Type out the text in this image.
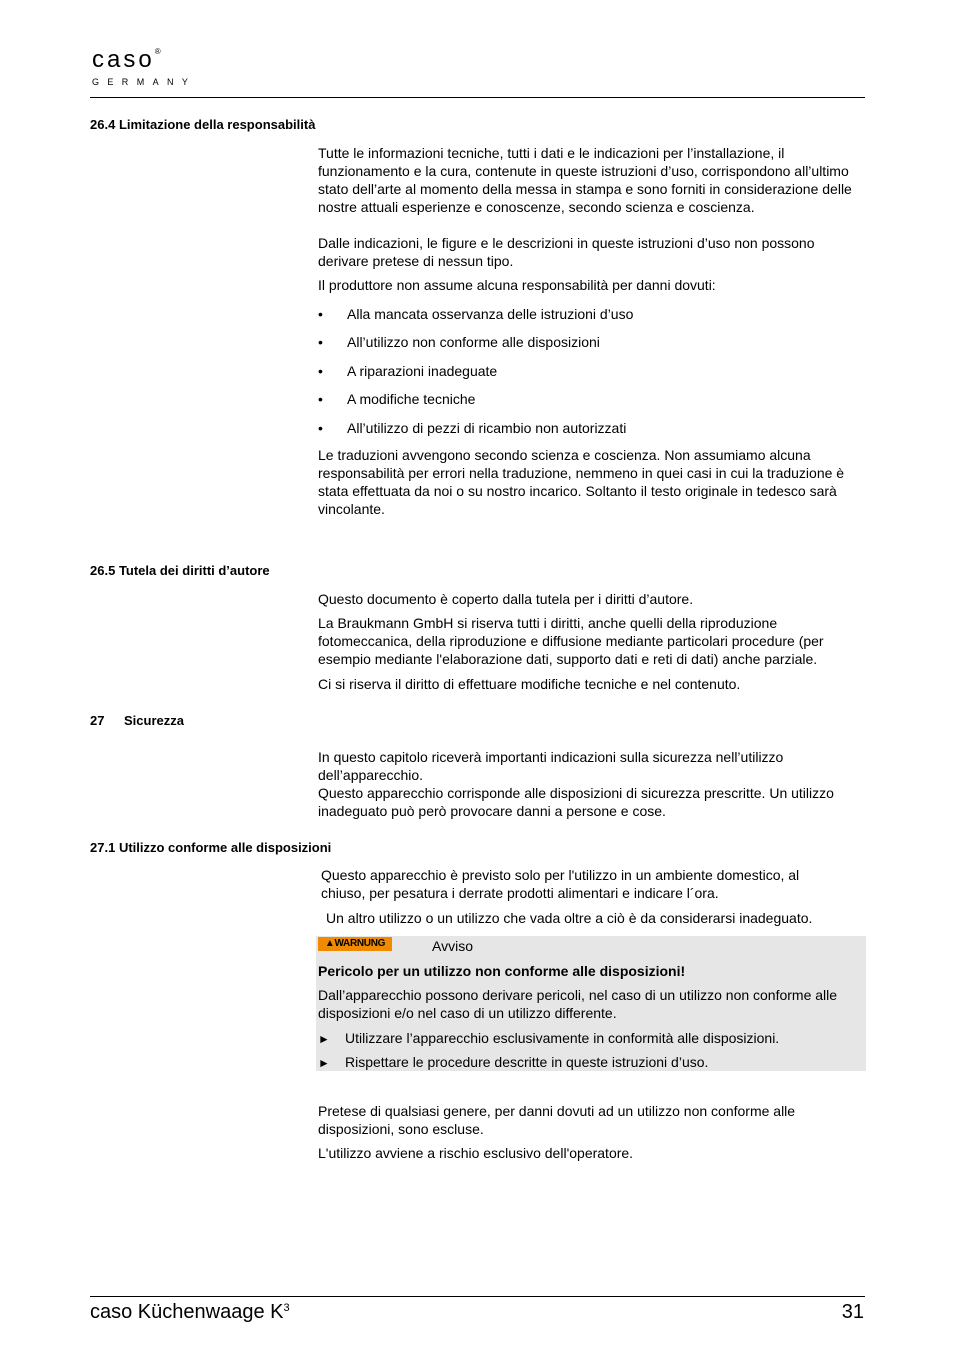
caso®
GERMANY
26.4 Limitazione della responsabilità
Tutte le informazioni tecniche, tutti i dati e le indicazioni per l’installazione, il funzionamento e la cura, contenute in queste istruzioni d’uso, corrispondono all’ultimo stato dell’arte al momento della messa in stampa e sono forniti in considerazione delle nostre attuali esperienze e conoscenze, secondo scienza e coscienza.
Dalle indicazioni, le figure e le descrizioni in queste istruzioni d’uso non possono derivare pretese di nessun tipo.
Il produttore non assume alcuna responsabilità per danni dovuti:
• Alla mancata osservanza delle istruzioni d’uso
• All’utilizzo non conforme alle disposizioni
• A riparazioni inadeguate
• A modifiche tecniche
• All’utilizzo di pezzi di ricambio non autorizzati
Le traduzioni avvengono secondo scienza e coscienza. Non assumiamo alcuna responsabilità per errori nella traduzione, nemmeno in quei casi in cui la traduzione è stata effettuata da noi o su nostro incarico. Soltanto il testo originale in tedesco sarà vincolante.
26.5 Tutela dei diritti d’autore
Questo documento è coperto dalla tutela per i diritti d’autore.
La Braukmann GmbH si riserva tutti i diritti, anche quelli della riproduzione fotomeccanica, della riproduzione e diffusione mediante particolari procedure (per esempio mediante l'elaborazione dati, supporto dati e reti di dati) anche parziale.
Ci si riserva il diritto di effettuare modifiche tecniche e nel contenuto.
27 Sicurezza
In questo capitolo riceverà importanti indicazioni sulla sicurezza nell’utilizzo dell’apparecchio.
Questo apparecchio corrisponde alle disposizioni di sicurezza prescritte. Un utilizzo inadeguato può però provocare danni a persone e cose.
27.1 Utilizzo conforme alle disposizioni
Questo apparecchio è previsto solo per l'utilizzo in un ambiente domestico, al chiuso, per pesatura i derrate prodotti alimentari e indicare l´ora.
Un altro utilizzo o un utilizzo che vada oltre a ciò è da considerarsi inadeguato.
▲WARNUNG	Avviso
Pericolo per un utilizzo non conforme alle disposizioni!
Dall’apparecchio possono derivare pericoli, nel caso di un utilizzo non conforme alle disposizioni e/o nel caso di un utilizzo differente.
► Utilizzare l’apparecchio esclusivamente in conformità alle disposizioni.
► Rispettare le procedure descritte in queste istruzioni d’uso.
Pretese di qualsiasi genere, per danni dovuti ad un utilizzo non conforme alle disposizioni, sono escluse.
L'utilizzo avviene a rischio esclusivo dell'operatore.
caso Küchenwaage $K^3$	31
